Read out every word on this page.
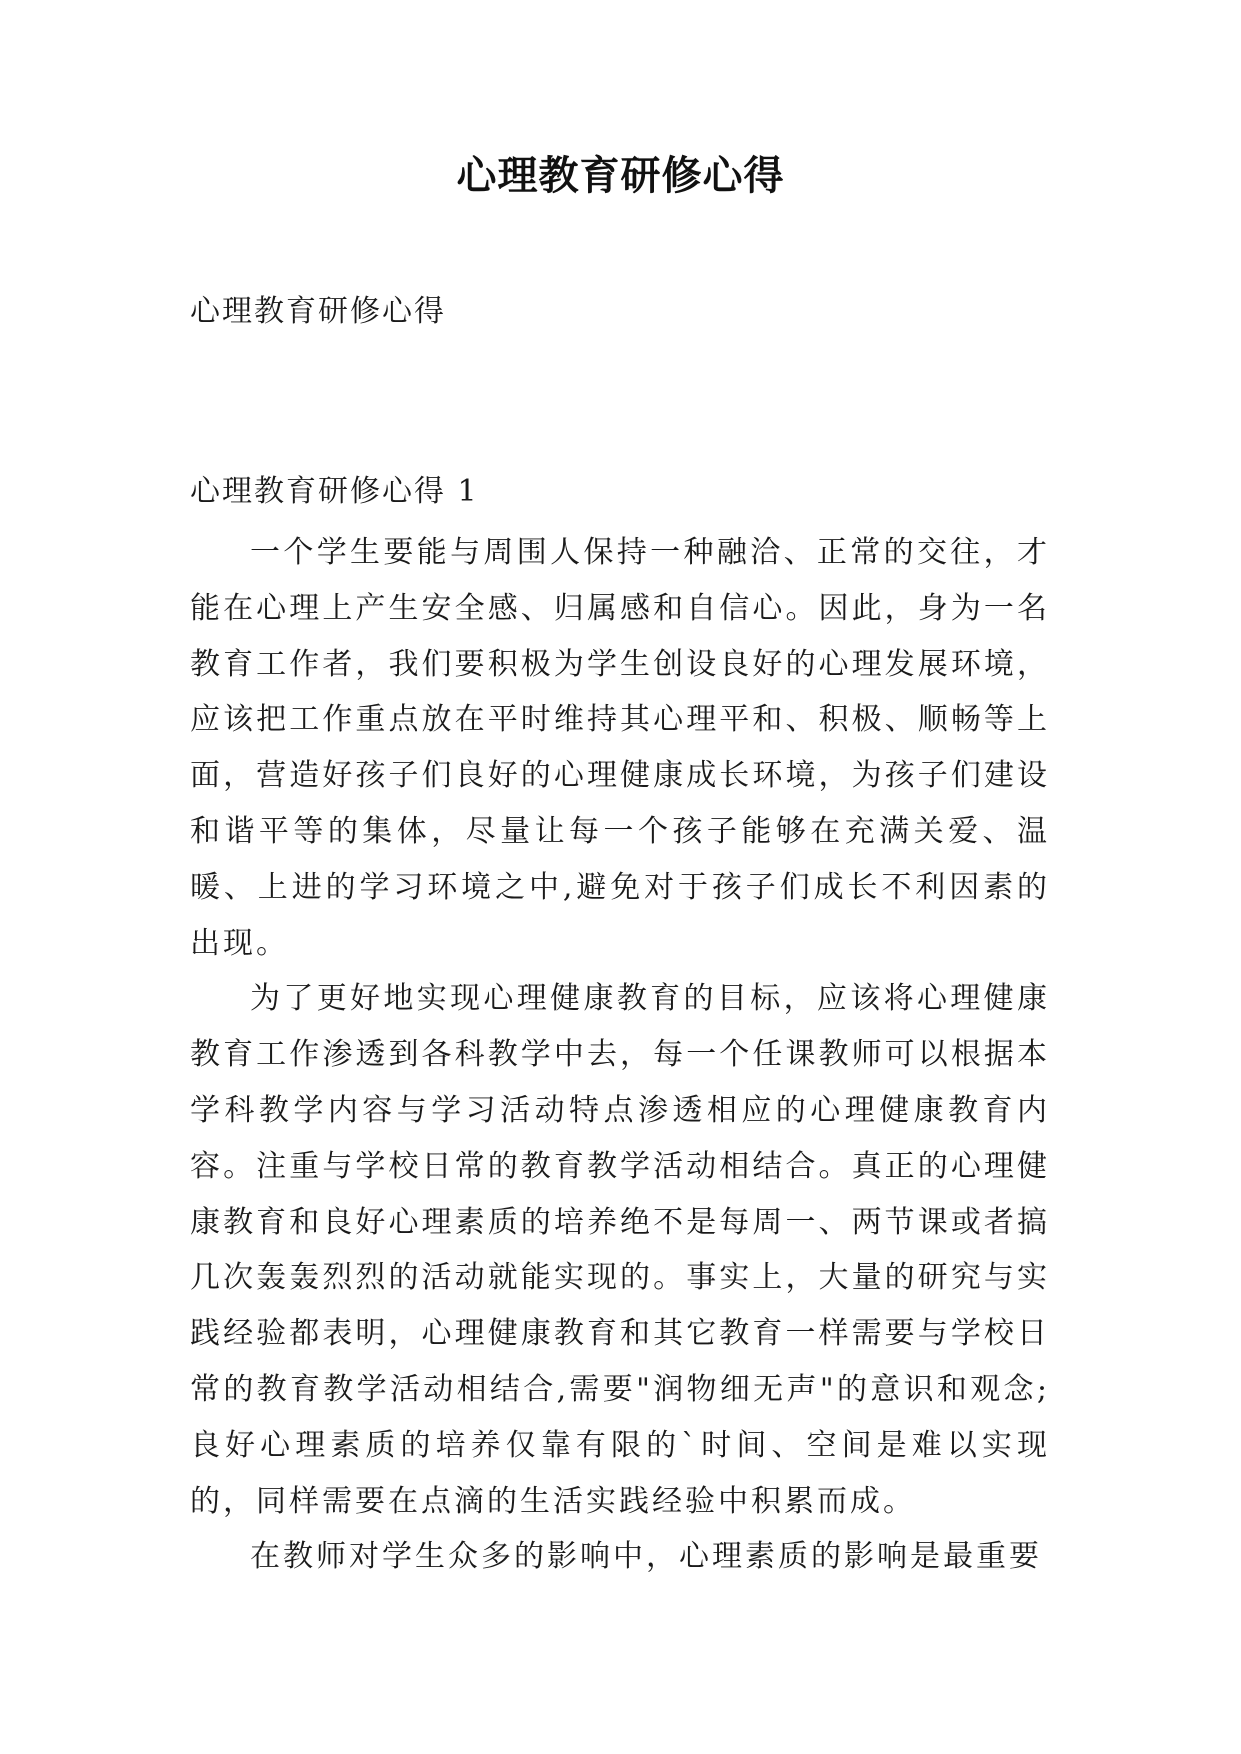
心理教育研修心得
心理教育研修心得
心理教育研修心得 1

一个学生要能与周围人保持一种融洽、正常的交往，才能在心理上产生安全感、归属感和自信心。因此，身为一名教育工作者，我们要积极为学生创设良好的心理发展环境，应该把工作重点放在平时维持其心理平和、积极、顺畅等上面，营造好孩子们良好的心理健康成长环境，为孩子们建设和谐平等的集体，尽量让每一个孩子能够在充满关爱、温暖、上进的学习环境之中,避免对于孩子们成长不利因素的出现。

为了更好地实现心理健康教育的目标，应该将心理健康教育工作渗透到各科教学中去，每一个任课教师可以根据本学科教学内容与学习活动特点渗透相应的心理健康教育内容。注重与学校日常的教育教学活动相结合。真正的心理健康教育和良好心理素质的培养绝不是每周一、两节课或者搞几次轰轰烈烈的活动就能实现的。事实上，大量的研究与实践经验都表明，心理健康教育和其它教育一样需要与学校日常的教育教学活动相结合,需要"润物细无声"的意识和观念;良好心理素质的培养仅靠有限的`时间、空间是难以实现的，同样需要在点滴的生活实践经验中积累而成。

在教师对学生众多的影响中，心理素质的影响是最重要
